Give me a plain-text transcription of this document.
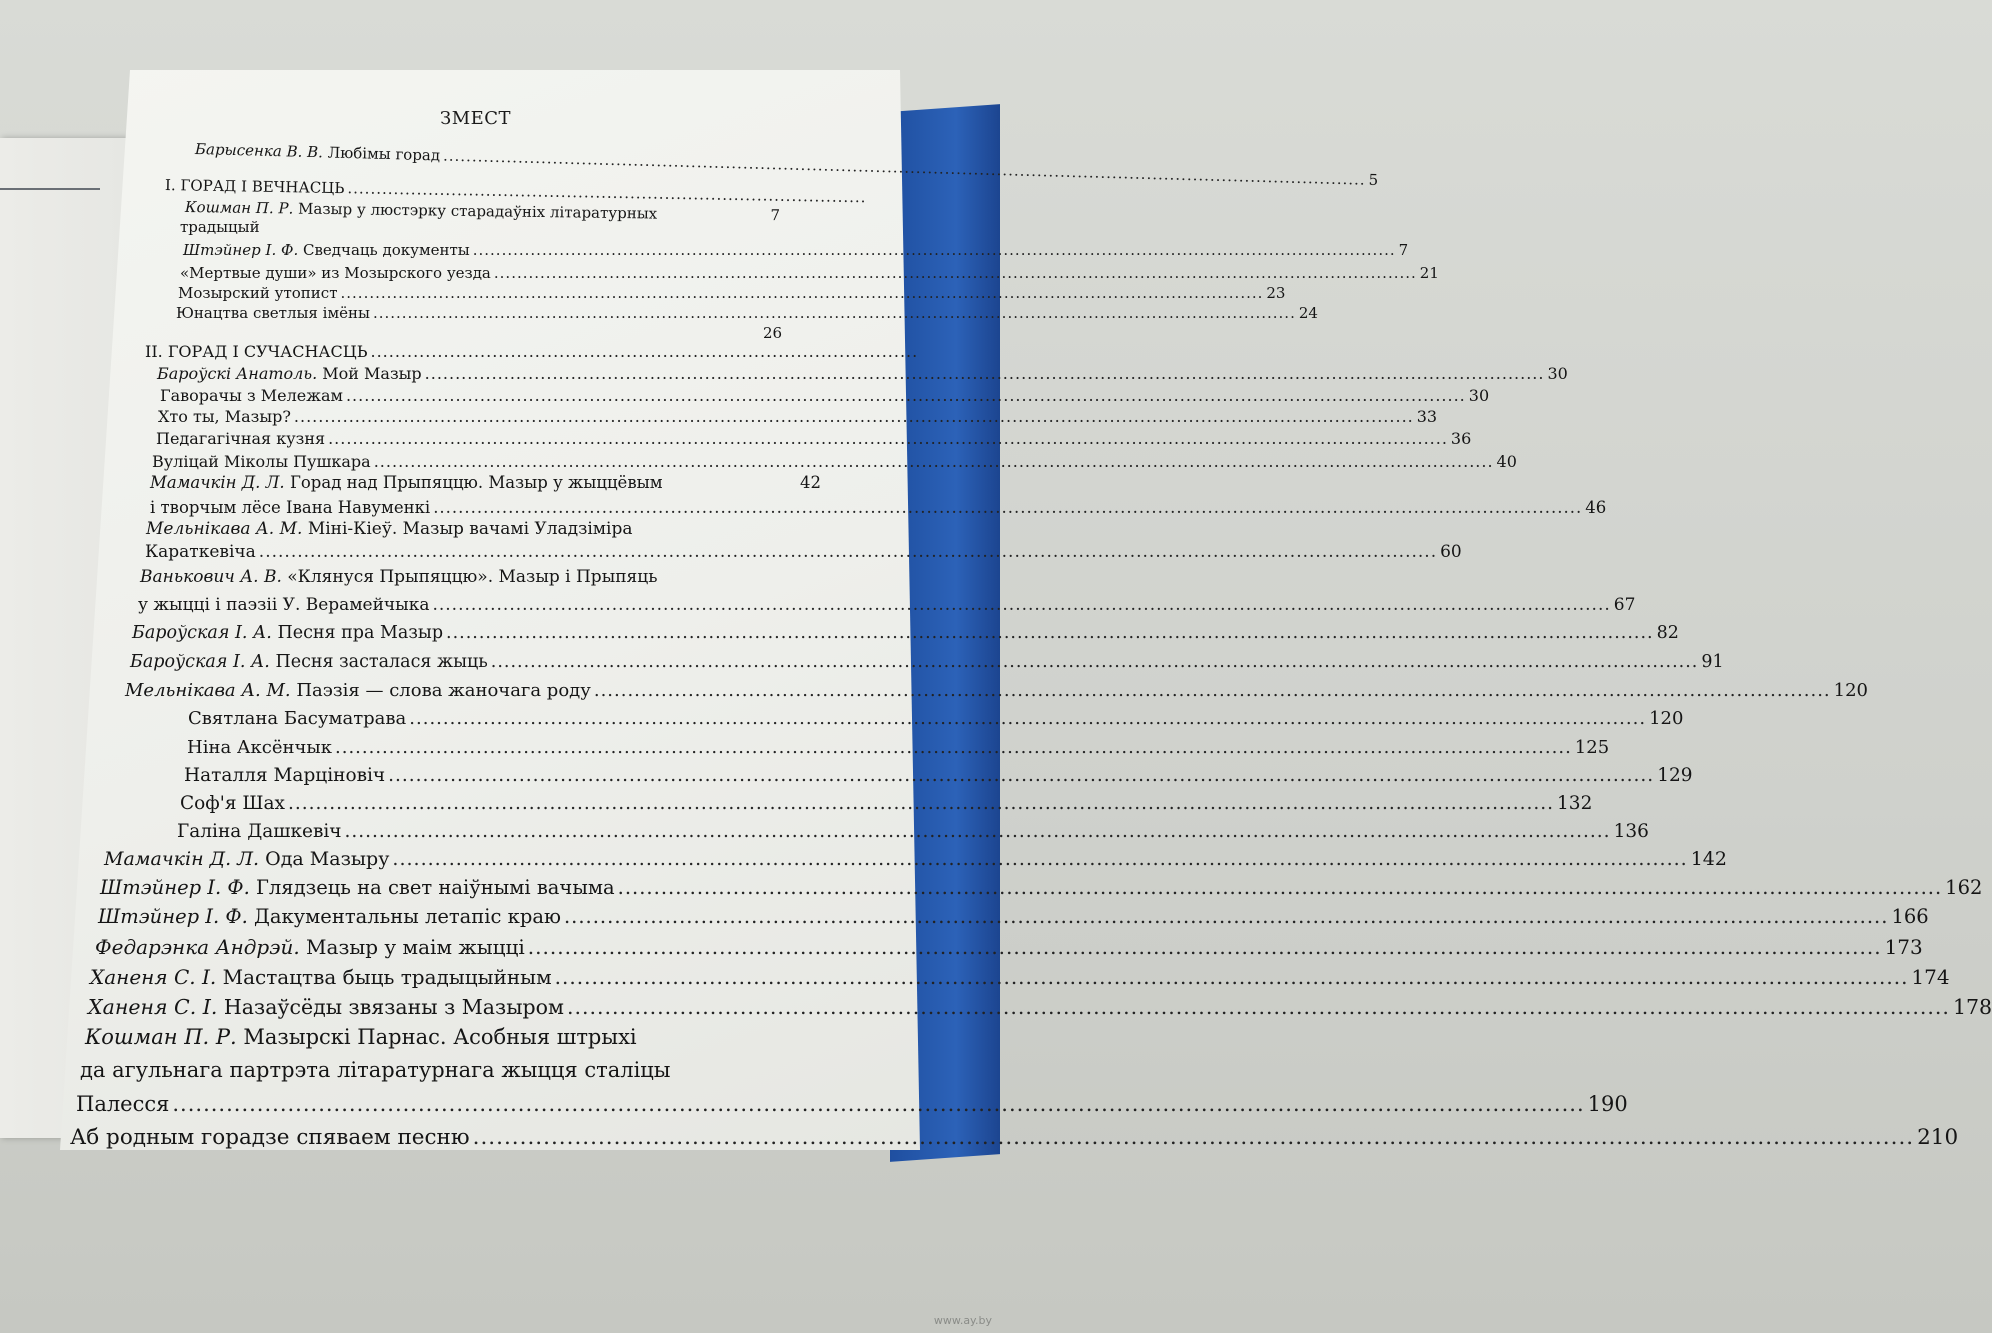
ЗМЕСТ
Барысенка В. В. Любімы горад ................................................................................................................................................................ 5
I. ГОРАД І ВЕЧНАСЦЬ ..........................................................................................
Кошман П. Р. Мазыр у люстэрку старадаўніх літаратурных	7
традыцый
Штэйнер І. Ф. Сведчаць документы ................................................................................................................................................................ 7
«Мертвые души» из Мозырского уезда ................................................................................................................................................................ 21
Мозырский утопист ................................................................................................................................................................ 23
Юнацтва светлыя імёны ................................................................................................................................................................ 24
26
II. ГОРАД І СУЧАСНАСЦЬ ..........................................................................................
Бароўскі Анатоль. Мой Мазыр ........................................................................................................................................................................................ 30
Гаворачы з Мележам ........................................................................................................................................................................................ 30
Хто ты, Мазыр? ........................................................................................................................................................................................ 33
Педагагічная кузня ........................................................................................................................................................................................ 36
Вуліцай Міколы Пушкара ........................................................................................................................................................................................ 40
Мамачкін Д. Л. Горад над Прыпяццю. Мазыр у жыццёвым	42
і творчым лёсе Івана Навуменкі ........................................................................................................................................................................................ 46
Мельнікава А. М. Міні-Кіеў. Мазыр вачамі Уладзіміра
Караткевіча ........................................................................................................................................................................................ 60
Ванькович А. В. «Клянуся Прыпяццю». Мазыр і Прыпяць
у жыцці і паэзіі У. Верамейчыка ........................................................................................................................................................................................ 67
Бароўская І. А. Песня пра Мазыр ........................................................................................................................................................................................ 82
Бароўская І. А. Песня засталася жыць ........................................................................................................................................................................................ 91
Мельнікава А. М. Паэзія — слова жаночага роду ........................................................................................................................................................................................ 120
Святлана Басуматрава ........................................................................................................................................................................................ 120
Ніна Аксёнчык ........................................................................................................................................................................................ 125
Наталля Марціновіч ........................................................................................................................................................................................ 129
Соф'я Шах ........................................................................................................................................................................................ 132
Галіна Дашкевіч ........................................................................................................................................................................................ 136
Мамачкін Д. Л. Ода Мазыру ........................................................................................................................................................................................ 142
Штэйнер І. Ф. Глядзець на свет наіўнымі вачыма ........................................................................................................................................................................................ 162
Штэйнер І. Ф. Дакументальны летапіс краю ........................................................................................................................................................................................ 166
Федарэнка Андрэй. Мазыр у маім жыцці ........................................................................................................................................................................................ 173
Ханеня С. І. Мастацтва быць традыцыйным ........................................................................................................................................................................................ 174
Ханеня С. І. Назаўсёды звязаны з Мазыром ........................................................................................................................................................................................ 178
Кошман П. Р. Мазырскі Парнас. Асобныя штрыхі
да агульнага партрэта літаратурнага жыцця сталіцы
Палесся ........................................................................................................................................................................................ 190
Аб родным горадзе спяваем песню ........................................................................................................................................................................................ 210
www.ay.by
